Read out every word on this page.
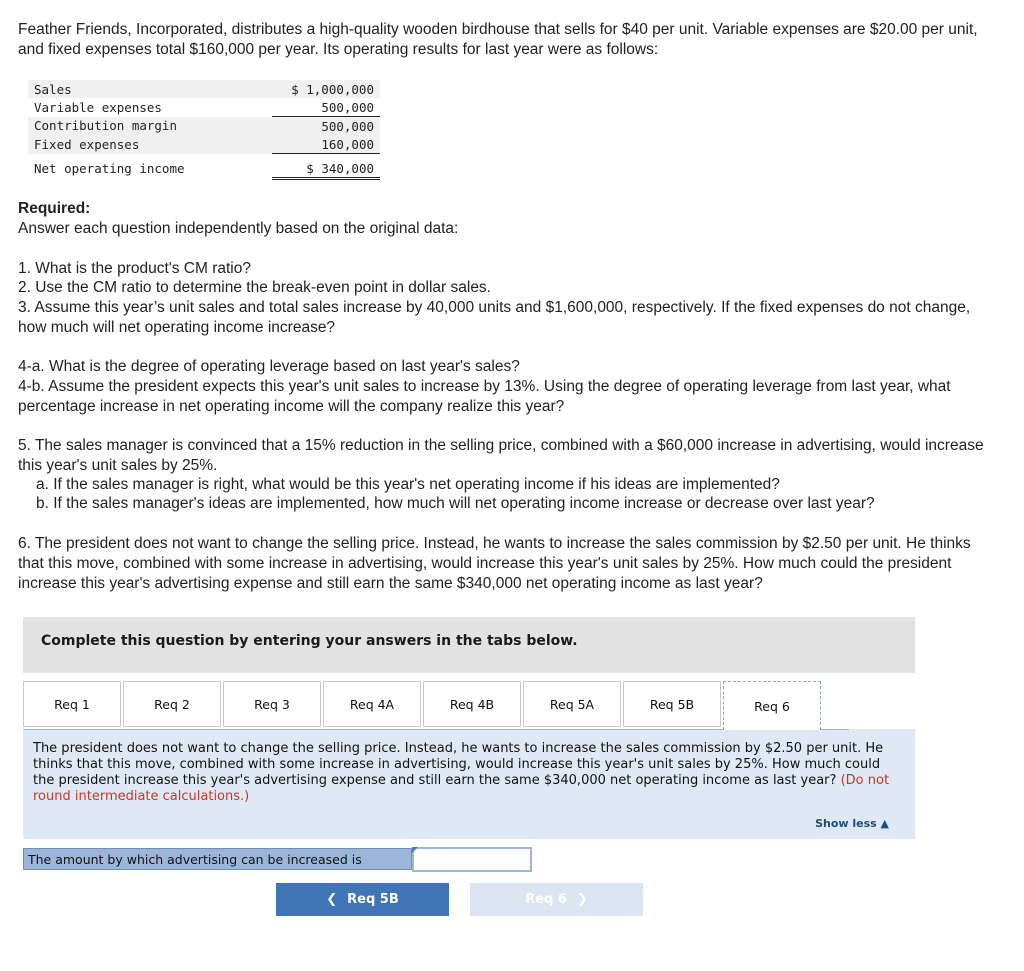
Feather Friends, Incorporated, distributes a high-quality wooden birdhouse that sells for $40 per unit. Variable expenses are $20.00 per unit, and fixed expenses total $160,000 per year. Its operating results for last year were as follows:

Sales	$ 1,000,000
Variable expenses	500,000
Contribution margin	500,000
Fixed expenses	160,000
Net operating income	$ 340,000
Required:
Answer each question independently based on the original data:

1. What is the product's CM ratio?

2. Use the CM ratio to determine the break-even point in dollar sales.

3. Assume this year’s unit sales and total sales increase by 40,000 units and $1,600,000, respectively. If the fixed expenses do not change, how much will net operating income increase?

4-a. What is the degree of operating leverage based on last year's sales?

4-b. Assume the president expects this year's unit sales to increase by 13%. Using the degree of operating leverage from last year, what percentage increase in net operating income will the company realize this year?

5. The sales manager is convinced that a 15% reduction in the selling price, combined with a $60,000 increase in advertising, would increase this year's unit sales by 25%.

a. If the sales manager is right, what would be this year's net operating income if his ideas are implemented?

b. If the sales manager's ideas are implemented, how much will net operating income increase or decrease over last year?

6. The president does not want to change the selling price. Instead, he wants to increase the sales commission by $2.50 per unit. He thinks that this move, combined with some increase in advertising, would increase this year's unit sales by 25%. How much could the president increase this year's advertising expense and still earn the same $340,000 net operating income as last year?

Complete this question by entering your answers in the tabs below.
Req 1	Req 2	Req 3	Req 4A	Req 4B	Req 5A	Req 5B	Req 6
The president does not want to change the selling price. Instead, he wants to increase the sales commission by $2.50 per unit. He thinks that this move, combined with some increase in advertising, would increase this year's unit sales by 25%. How much could the president increase this year's advertising expense and still earn the same $340,000 net operating income as last year? (Do not round intermediate calculations.)
Show less ▲
The amount by which advertising can be increased is
❮ Req 5B	Req 6 ❯
